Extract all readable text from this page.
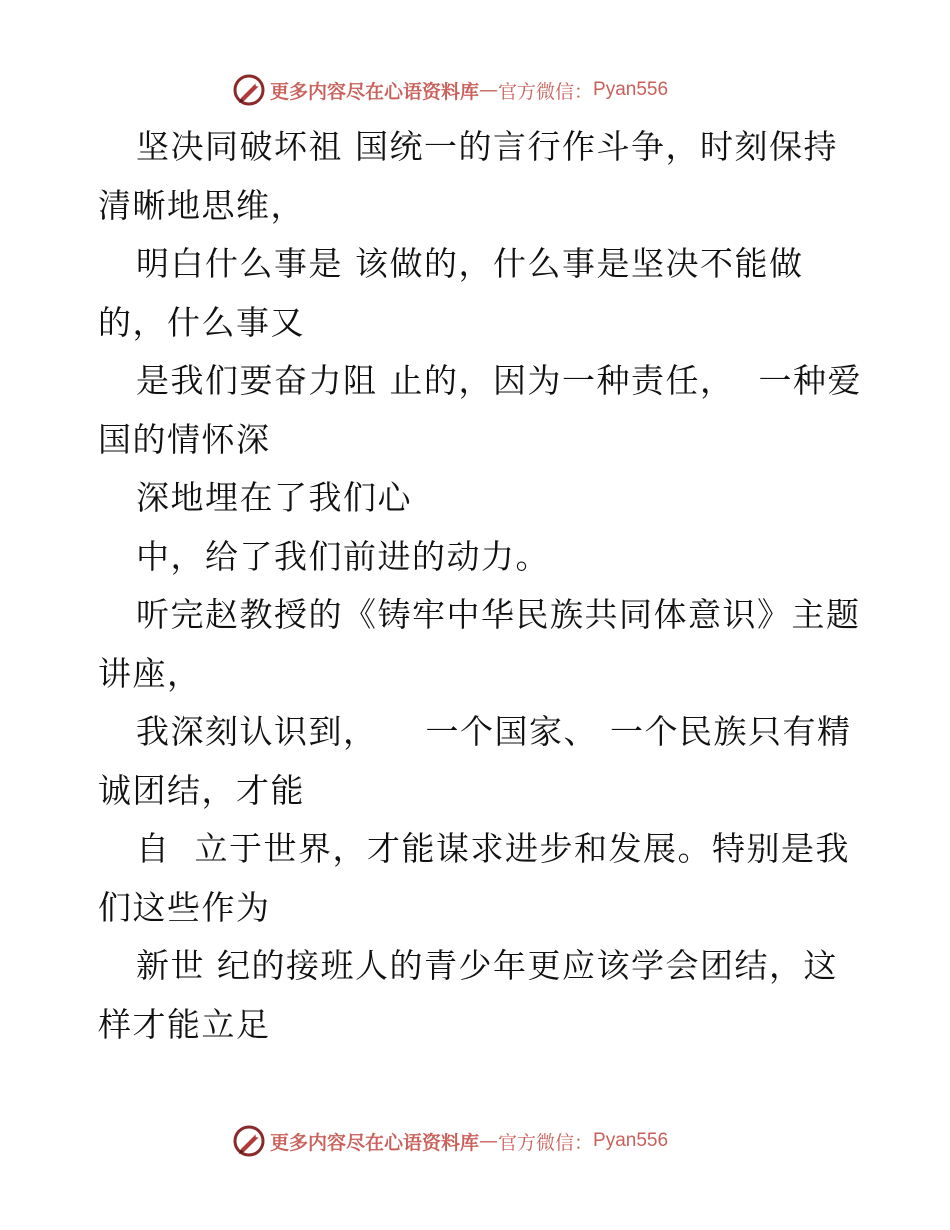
更多内容尽在心语资料库 — 官方微信： Pyan556
坚决同破坏祖 国统一的言行作斗争，时刻保持
清晰地思维，
明白什么事是 该做的，什么事是坚决不能做
的，什么事又
是我们要奋力阻 止的，因为一种责任，  一种爱
国的情怀深
深地埋在了我们心
中，给了我们前进的动力。
听完赵教授的《铸牢中华民族共同体意识》主题
讲座，
我深刻认识到，    一个国家、 一个民族只有精
诚团结，才能
自  立于世界，才能谋求进步和发展。特别是我
们这些作为
新世 纪的接班人的青少年更应该学会团结，这
样才能立足
更多内容尽在心语资料库 — 官方微信： Pyan556
